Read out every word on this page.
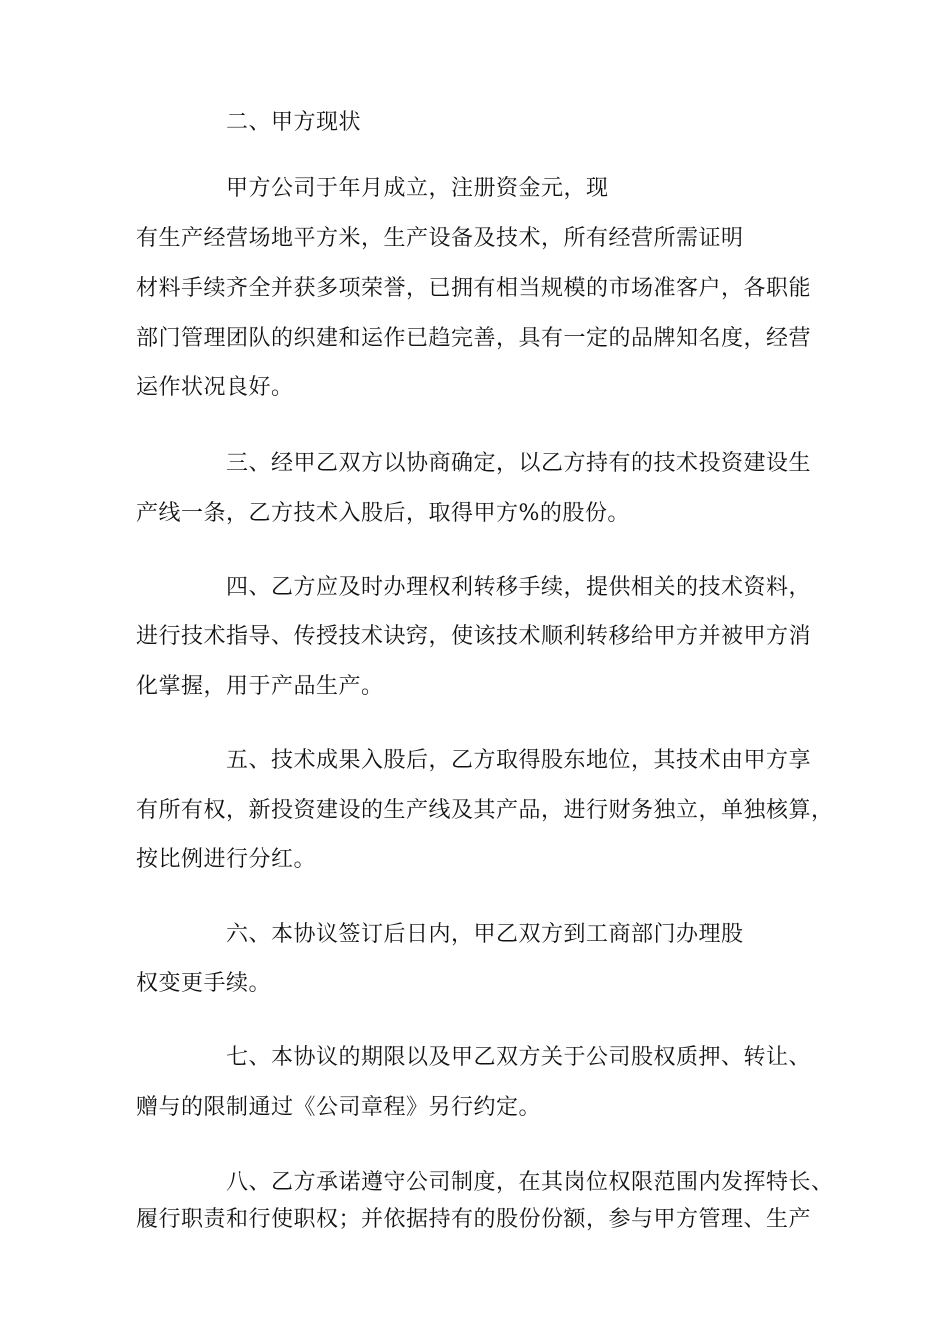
二、甲方现状
甲方公司于年月成立，注册资金元，现
有生产经营场地平方米，生产设备及技术，所有经营所需证明
材料手续齐全并获多项荣誉，已拥有相当规模的市场准客户，各职能
部门管理团队的织建和运作已趋完善，具有一定的品牌知名度，经营
运作状况良好。
三、经甲乙双方以协商确定，以乙方持有的技术投资建设生
产线一条，乙方技术入股后，取得甲方%的股份。
四、乙方应及时办理权利转移手续，提供相关的技术资料，
进行技术指导、传授技术诀窍，使该技术顺利转移给甲方并被甲方消
化掌握，用于产品生产。
五、技术成果入股后，乙方取得股东地位，其技术由甲方享
有所有权，新投资建设的生产线及其产品，进行财务独立，单独核算，
按比例进行分红。
六、本协议签订后日内，甲乙双方到工商部门办理股
权变更手续。
七、本协议的期限以及甲乙双方关于公司股权质押、转让、
赠与的限制通过《公司章程》另行约定。
八、乙方承诺遵守公司制度，在其岗位权限范围内发挥特长、
履行职责和行使职权；并依据持有的股份份额，参与甲方管理、生产
